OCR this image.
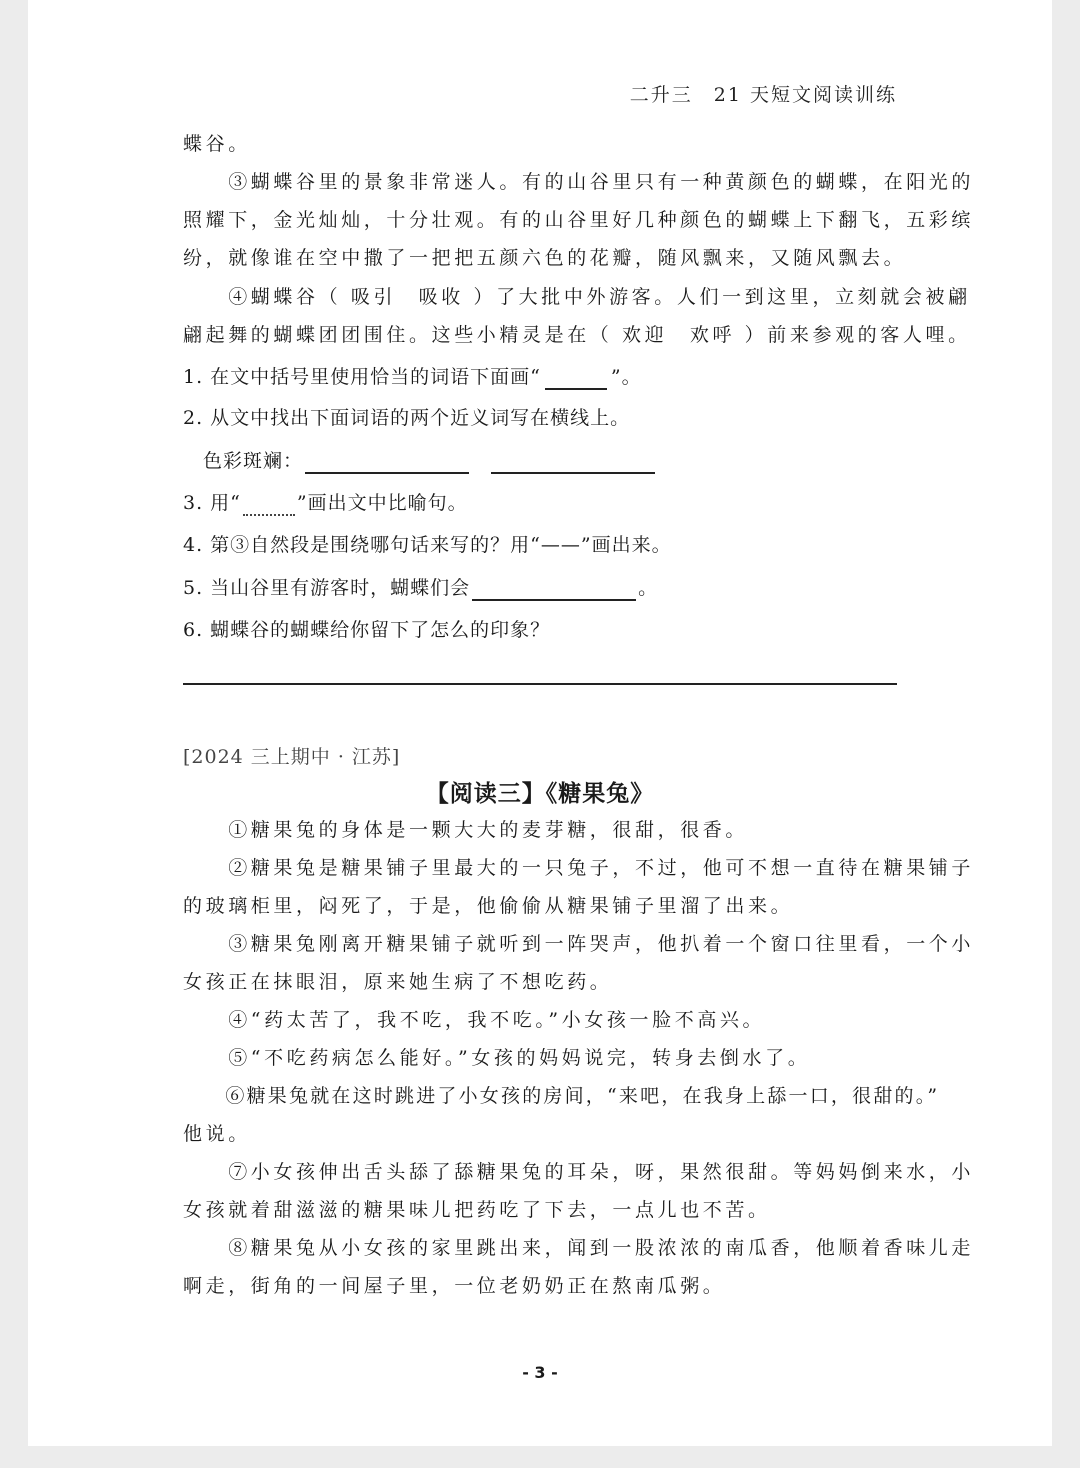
二升三　21 天短文阅读训练
蝶谷。
　　③蝴蝶谷里的景象非常迷人。有的山谷里只有一种黄颜色的蝴蝶，在阳光的
照耀下，金光灿灿，十分壮观。有的山谷里好几种颜色的蝴蝶上下翻飞，五彩缤
纷，就像谁在空中撒了一把把五颜六色的花瓣，随风飘来，又随风飘去。
　　④蝴蝶谷（ 吸引　吸收 ）了大批中外游客。人们一到这里，立刻就会被翩
翩起舞的蝴蝶团团围住。这些小精灵是在（ 欢迎　欢呼 ）前来参观的客人哩。
1. 在文中括号里使用恰当的词语下面画“	”。
2. 从文中找出下面词语的两个近义词写在横线上。
色彩斑斓：
3. 用“	”画出文中比喻句。
4. 第③自然段是围绕哪句话来写的？用“——”画出来。
5. 当山谷里有游客时，蝴蝶们会	。
6. 蝴蝶谷的蝴蝶给你留下了怎么的印象？
[2024 三上期中 · 江苏]
【阅读三】《糖果兔》
　　①糖果兔的身体是一颗大大的麦芽糖，很甜，很香。
　　②糖果兔是糖果铺子里最大的一只兔子，不过，他可不想一直待在糖果铺子
的玻璃柜里，闷死了，于是，他偷偷从糖果铺子里溜了出来。
　　③糖果兔刚离开糖果铺子就听到一阵哭声，他扒着一个窗口往里看，一个小
女孩正在抹眼泪，原来她生病了不想吃药。
　　④“药太苦了，我不吃，我不吃。”小女孩一脸不高兴。
　　⑤“不吃药病怎么能好。”女孩的妈妈说完，转身去倒水了。
　　⑥糖果兔就在这时跳进了小女孩的房间，“来吧，在我身上舔一口，很甜的。”
他说。
　　⑦小女孩伸出舌头舔了舔糖果兔的耳朵，呀，果然很甜。等妈妈倒来水，小
女孩就着甜滋滋的糖果味儿把药吃了下去，一点儿也不苦。
　　⑧糖果兔从小女孩的家里跳出来，闻到一股浓浓的南瓜香，他顺着香味儿走
啊走，街角的一间屋子里，一位老奶奶正在熬南瓜粥。
- 3 -
